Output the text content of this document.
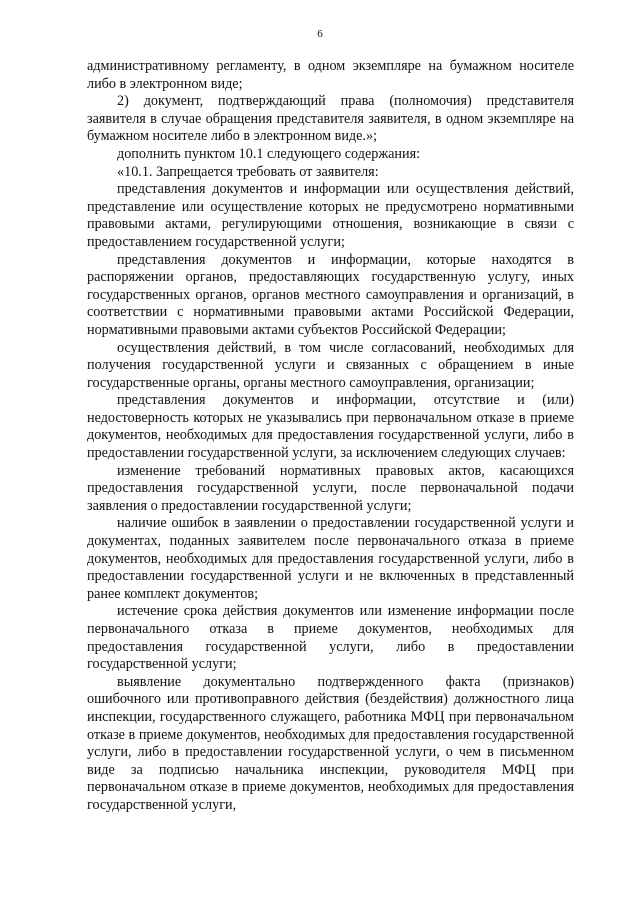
6

административному регламенту, в одном экземпляре на бумажном носителе либо в электронном виде;

2) документ, подтверждающий права (полномочия) представителя заявителя в случае обращения представителя заявителя, в одном экземпляре на бумажном носителе либо в электронном виде.»;

дополнить пунктом 10.1 следующего содержания:

«10.1. Запрещается требовать от заявителя:

представления документов и информации или осуществления действий, представление или осуществление которых не предусмотрено нормативными правовыми актами, регулирующими отношения, возникающие в связи с предоставлением государственной услуги;

представления документов и информации, которые находятся в распоряжении органов, предоставляющих государственную услугу, иных государственных органов, органов местного самоуправления и организаций, в соответствии с нормативными правовыми актами Российской Федерации, нормативными правовыми актами субъектов Российской Федерации;

осуществления действий, в том числе согласований, необходимых для получения государственной услуги и связанных с обращением в иные государственные органы, органы местного самоуправления, организации;

представления документов и информации, отсутствие и (или) недостоверность которых не указывались при первоначальном отказе в приеме документов, необходимых для предоставления государственной услуги, либо в предоставлении государственной услуги, за исключением следующих случаев:

изменение требований нормативных правовых актов, касающихся предоставления государственной услуги, после первоначальной подачи заявления о предоставлении государственной услуги;

наличие ошибок в заявлении о предоставлении государственной услуги и документах, поданных заявителем после первоначального отказа в приеме документов, необходимых для предоставления государственной услуги, либо в предоставлении государственной услуги и не включенных в представленный ранее комплект документов;

истечение срока действия документов или изменение информации после первоначального отказа в приеме документов, необходимых для предоставления государственной услуги, либо в предоставлении государственной услуги;

выявление документально подтвержденного факта (признаков) ошибочного или противоправного действия (бездействия) должностного лица инспекции, государственного служащего, работника МФЦ при первоначальном отказе в приеме документов, необходимых для предоставления государственной услуги, либо в предоставлении государственной услуги, о чем в письменном виде за подписью начальника инспекции, руководителя МФЦ при первоначальном отказе в приеме документов, необходимых для предоставления государственной услуги,
